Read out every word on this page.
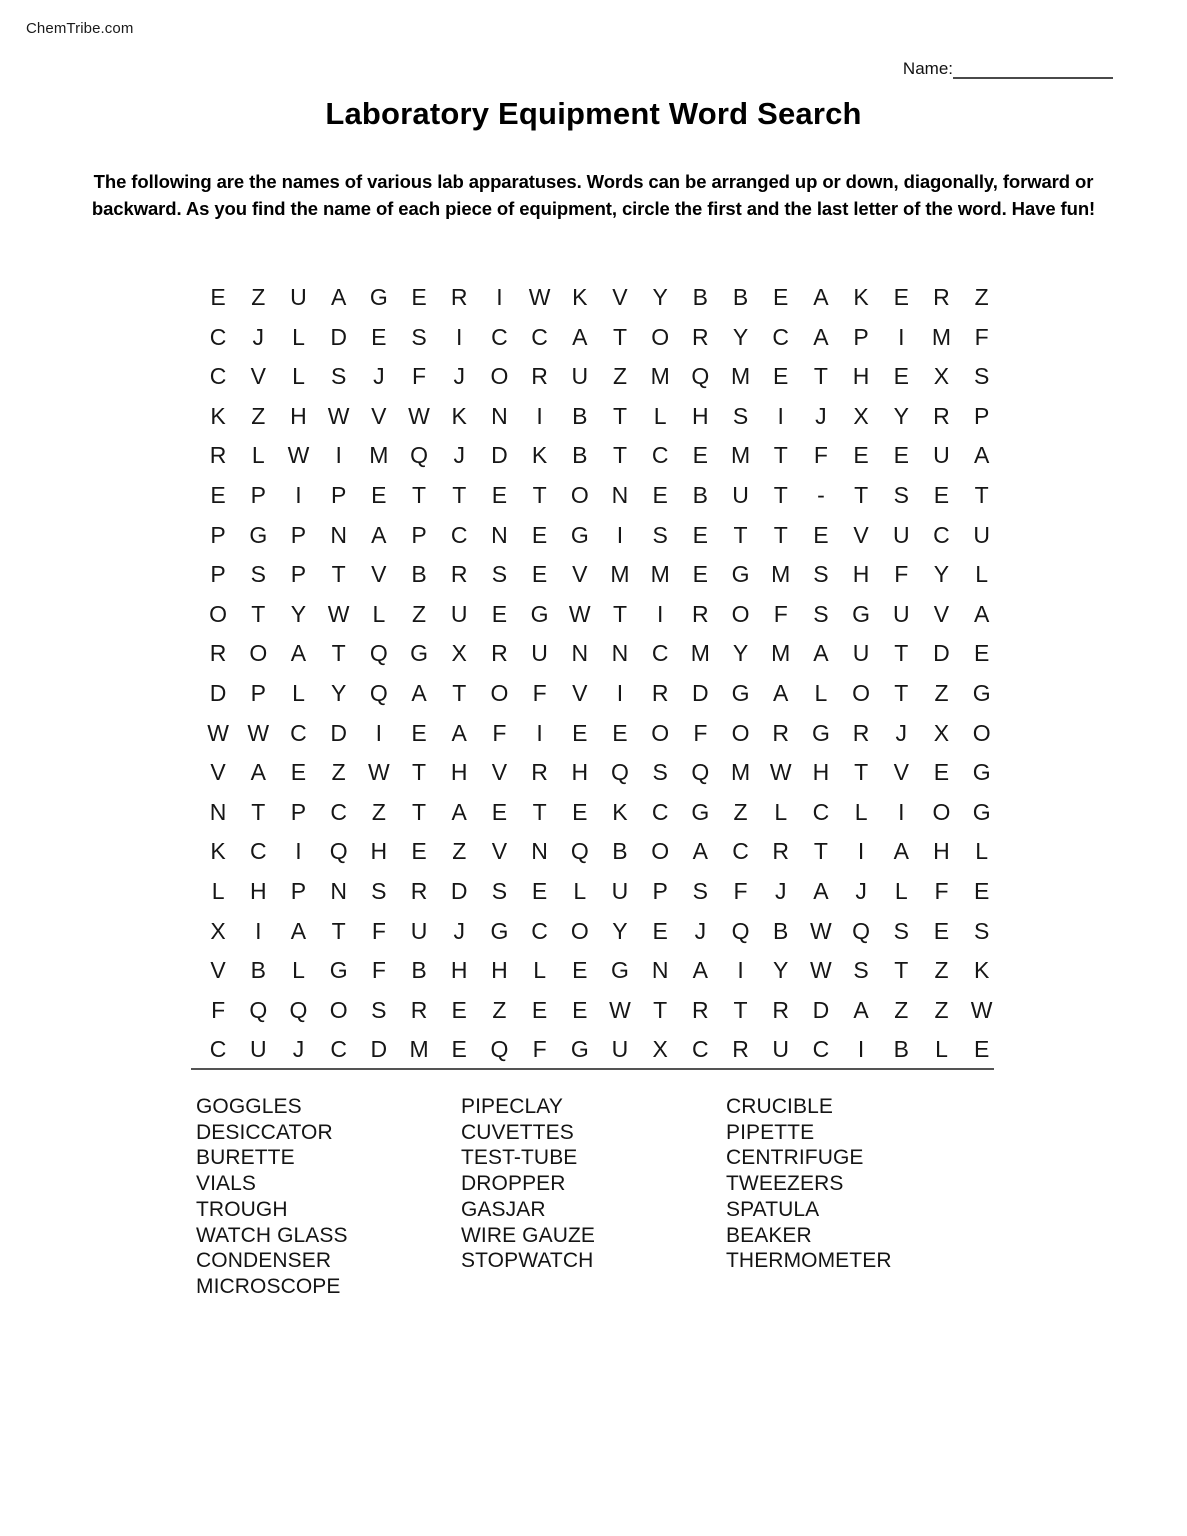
ChemTribe.com
Name:
Laboratory Equipment Word Search
The following are the names of various lab apparatuses. Words can be arranged up or down, diagonally, forward or backward. As you find the name of each piece of equipment, circle the first and the last letter of the word. Have fun!
E	Z	U	A	G	E	R	I	W K	V	Y	B	B	E	A	K	E	R	Z
C	J	L	D	E	S	I	C	C	A	T	O R	Y	C	A	P	I	M	F
C	V	L	S	J	F	J	O R	U	Z	M Q M E	T	H	E	X	S
K	Z	H W V W K	N	I	B	T	L	H	S	I	J	X	Y	R	P
R	L W	I	M Q	J	D	K	B	T	C	E M	T	F	E	E	U	A
E	P	I	P	E	T	T	E	T	O N	E	B	U	T	-	T	S	E	T
P	G	P	N	A	P	C	N	E	G	I	S	E	T	T	E	V	U	C	U
P	S	P	T	V	B	R	S	E	V M M E	G M S	H	F	Y	L
O	T	Y W L	Z	U	E	G W T	I	R O	F	S	G U	V	A
R O	A	T	Q G	X	R	U	N	N	C M Y M A	U	T	D	E
D	P	L	Y	Q	A	T	O	F	V	I	R	D G	A	L	O	T	Z	G
W W C	D	I	E	A	F	I	E	E	O	F	O R G R	J	X	O
V	A	E	Z W T	H	V	R	H Q	S	Q M W H	T	V	E	G
N	T	P	C	Z	T	A	E	T	E	K	C G	Z	L	C	L	I	O G
K	C	I	Q H	E	Z	V	N Q	B	O	A	C	R	T	I	A	H	L
L	H	P	N	S	R	D	S	E	L	U	P	S	F	J	A	J	L	F	E
X	I	A	T	F	U	J	G C O	Y	E	J	Q	B W Q	S	E	S
V	B	L	G	F	B	H	H	L	E	G N	A	I	Y W S	T	Z	K
F	Q Q O	S	R	E	Z	E	E W T	R	T	R	D	A	Z	Z W
C	U	J	C	D M E	Q	F	G U	X	C	R	U	C	I	B	L	E
GOGGLES
DESICCATOR
BURETTE
VIALS
TROUGH
WATCH GLASS
CONDENSER
MICROSCOPE
PIPECLAY
CUVETTES
TEST-TUBE
DROPPER
GASJAR
WIRE GAUZE
STOPWATCH
CRUCIBLE
PIPETTE
CENTRIFUGE
TWEEZERS
SPATULA
BEAKER
THERMOMETER
